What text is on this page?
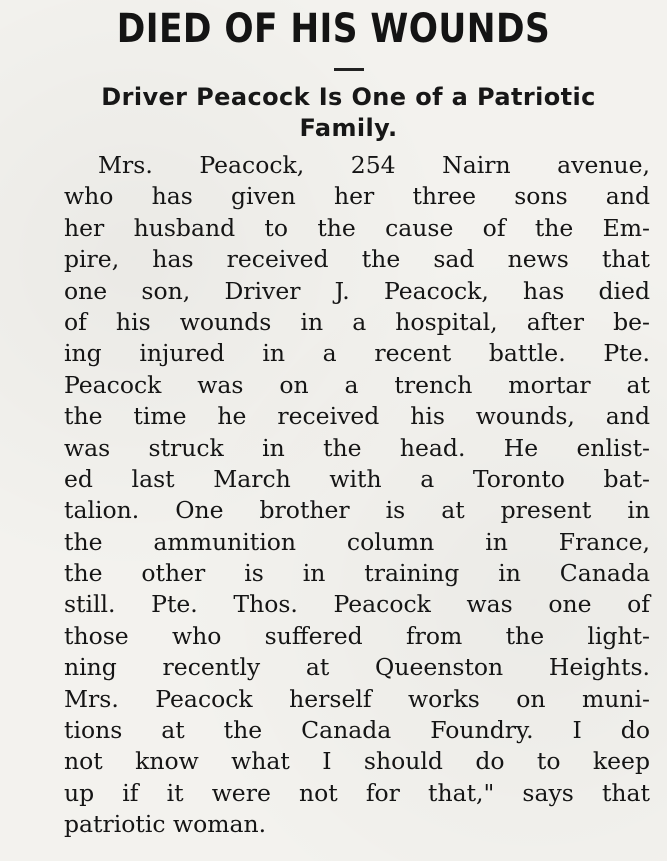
DIED OF HIS WOUNDS
Driver Peacock Is One of a Patriotic
Family.
Mrs. Peacock, 254 Nairn avenue,
who has given her three sons and
her husband to the cause of the Em-
pire, has received the sad news that
one son, Driver J. Peacock, has died
of his wounds in a hospital, after be-
ing injured in a recent battle. Pte.
Peacock was on a trench mortar at
the time he received his wounds, and
was struck in the head. He enlist-
ed last March with a Toronto bat-
talion. One brother is at present in
the ammunition column in France,
the other is in training in Canada
still. Pte. Thos. Peacock was one of
those who suffered from the light-
ning recently at Queenston Heights.
Mrs. Peacock herself works on muni-
tions at the Canada Foundry. I do
not know what I should do to keep
up if it were not for that," says that
patriotic woman.
